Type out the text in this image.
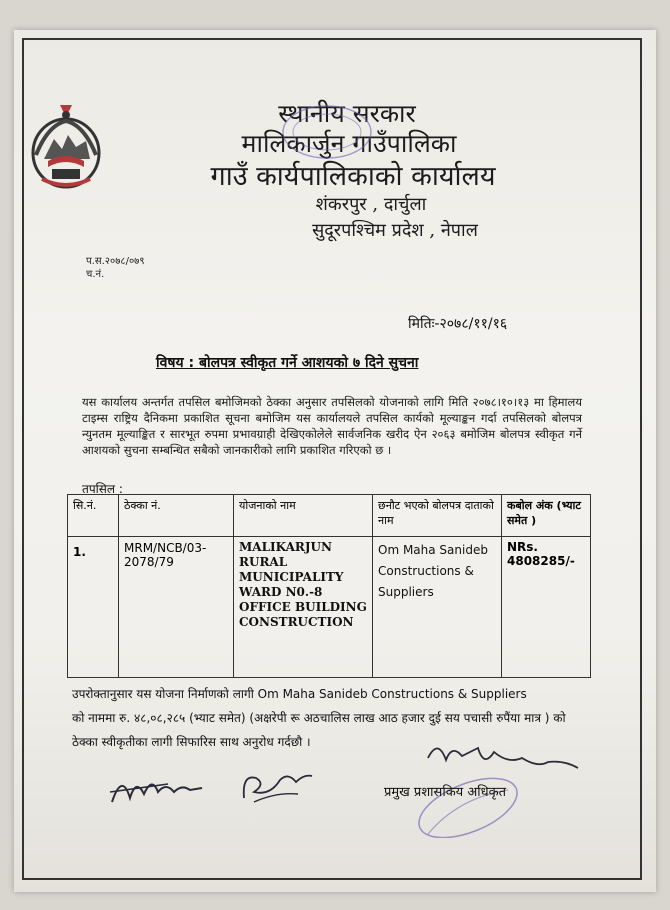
स्थानीय सरकार
मालिकार्जुन गाउँपालिका
गाउँ कार्यपालिकाको कार्यालय
शंकरपुर , दार्चुला
सुदूरपश्चिम प्रदेश , नेपाल
प.स.२०७८/०७९
च.नं.
मितिः-२०७८/११/१६
विषय : बोलपत्र स्वीकृत गर्ने आशयको ७ दिने सुचना
यस कार्यालय अन्तर्गत तपसिल बमोजिमको ठेक्का अनुसार तपसिलको योजनाको लागि मिति २०७८।१०।१३ मा हिमालय टाइम्स राष्ट्रिय दैनिकमा प्रकाशित सूचना बमोजिम यस कार्यालयले तपसिल कार्यको मूल्याङ्कन गर्दा तपसिलको बोलपत्र न्युनतम मूल्याङ्कित र सारभूत रुपमा प्रभावग्राही देखिएकोलेले सार्वजनिक खरीद ऐन २०६३ बमोजिम बोलपत्र स्वीकृत गर्ने आशयको सुचना सम्बन्धित सबैको जानकारीको लागि प्रकाशित गरिएको छ ।
तपसिल :
सि.नं.	ठेक्का नं.	योजनाको नाम	छनौट भएको बोलपत्र दाताको नाम	कबोल अंक (भ्याट समेत )
1.	MRM/NCB/03-2078/79	MALIKARJUN RURAL MUNICIPALITY WARD N0.-8 OFFICE BUILDING CONSTRUCTION	Om Maha Sanideb Constructions & Suppliers	NRs. 4808285/-
उपरोक्तानुसार यस योजना निर्माणको लागी Om Maha Sanideb Constructions & Suppliers
को नाममा रु. ४८,०८,२८५ (भ्याट समेत) (अक्षरेपी रू अठचालिस लाख आठ हजार दुई सय पचासी रुपैंया मात्र ) को ठेक्का स्वीकृतीका लागी सिफारिस साथ अनुरोध गर्दछौ ।
प्रमुख प्रशासकिय अधिकृत
